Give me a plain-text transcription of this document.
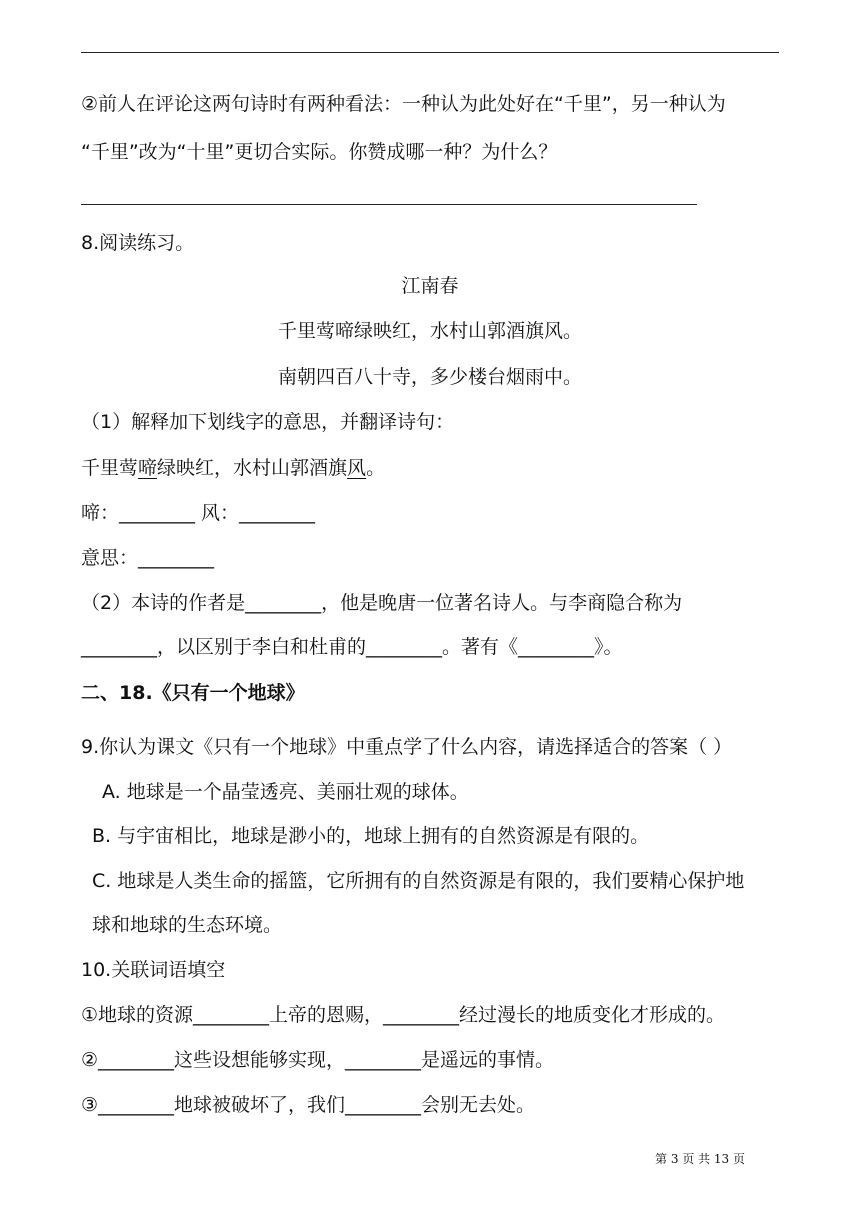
②前人在评论这两句诗时有两种看法：一种认为此处好在“千里”，另一种认为
“千里”改为“十里”更切合实际。你赞成哪一种？为什么？
8.阅读练习。
江南春
千里莺啼绿映红，水村山郭酒旗风。
南朝四百八十寺，多少楼台烟雨中。
（1）解释加下划线字的意思，并翻译诗句：
千里莺啼绿映红，水村山郭酒旗风。
啼：________ 风：________
意思：________
（2）本诗的作者是________，他是晚唐一位著名诗人。与李商隐合称为
________，以区别于李白和杜甫的________。著有《________》。
二、18.《只有一个地球》
9.你认为课文《只有一个地球》中重点学了什么内容，请选择适合的答案（ ）
A. 地球是一个晶莹透亮、美丽壮观的球体。
B. 与宇宙相比，地球是渺小的，地球上拥有的自然资源是有限的。
C. 地球是人类生命的摇篮，它所拥有的自然资源是有限的，我们要精心保护地
球和地球的生态环境。
10.关联词语填空
①地球的资源________上帝的恩赐，________经过漫长的地质变化才形成的。
②________这些设想能够实现，________是遥远的事情。
③________地球被破坏了，我们________会别无去处。
第 3 页 共 13 页
